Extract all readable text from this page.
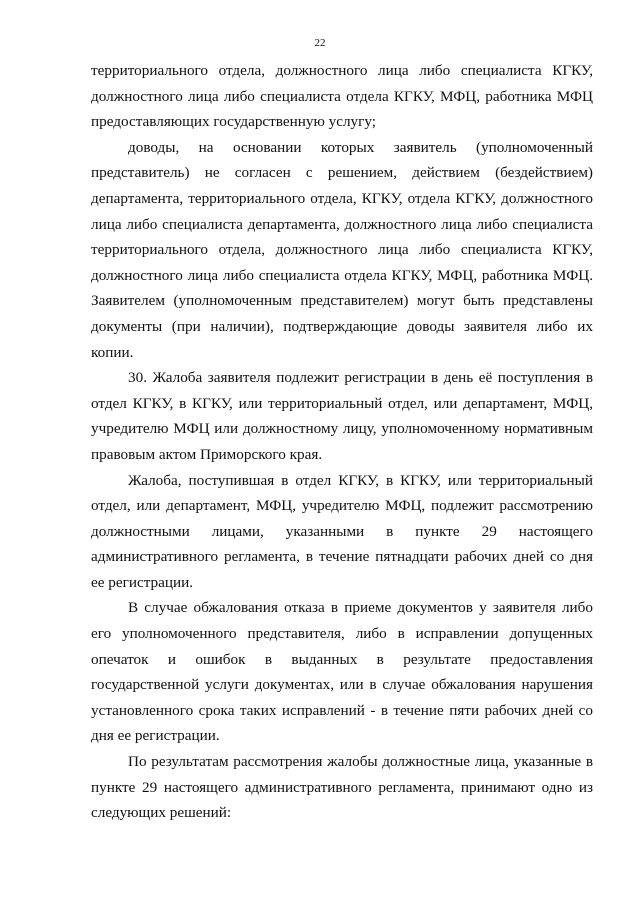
22

территориального отдела, должностного лица либо специалиста КГКУ, должностного лица либо специалиста отдела КГКУ, МФЦ, работника МФЦ предоставляющих государственную услугу;

доводы, на основании которых заявитель (уполномоченный представитель) не согласен с решением, действием (бездействием) департамента, территориального отдела, КГКУ, отдела КГКУ, должностного лица либо специалиста департамента, должностного лица либо специалиста территориального отдела, должностного лица либо специалиста КГКУ, должностного лица либо специалиста отдела КГКУ, МФЦ, работника МФЦ. Заявителем (уполномоченным представителем) могут быть представлены документы (при наличии), подтверждающие доводы заявителя либо их копии.

30. Жалоба заявителя подлежит регистрации в день её поступления в отдел КГКУ, в КГКУ, или территориальный отдел, или департамент, МФЦ, учредителю МФЦ или должностному лицу, уполномоченному нормативным правовым актом Приморского края.

Жалоба, поступившая в отдел КГКУ, в КГКУ, или территориальный отдел, или департамент, МФЦ, учредителю МФЦ, подлежит рассмотрению должностными лицами, указанными в пункте 29 настоящего административного регламента, в течение пятнадцати рабочих дней со дня ее регистрации.

В случае обжалования отказа в приеме документов у заявителя либо его уполномоченного представителя, либо в исправлении допущенных опечаток и ошибок в выданных в результате предоставления государственной услуги документах, или в случае обжалования нарушения установленного срока таких исправлений - в течение пяти рабочих дней со дня ее регистрации.

По результатам рассмотрения жалобы должностные лица, указанные в пункте 29 настоящего административного регламента, принимают одно из следующих решений:
